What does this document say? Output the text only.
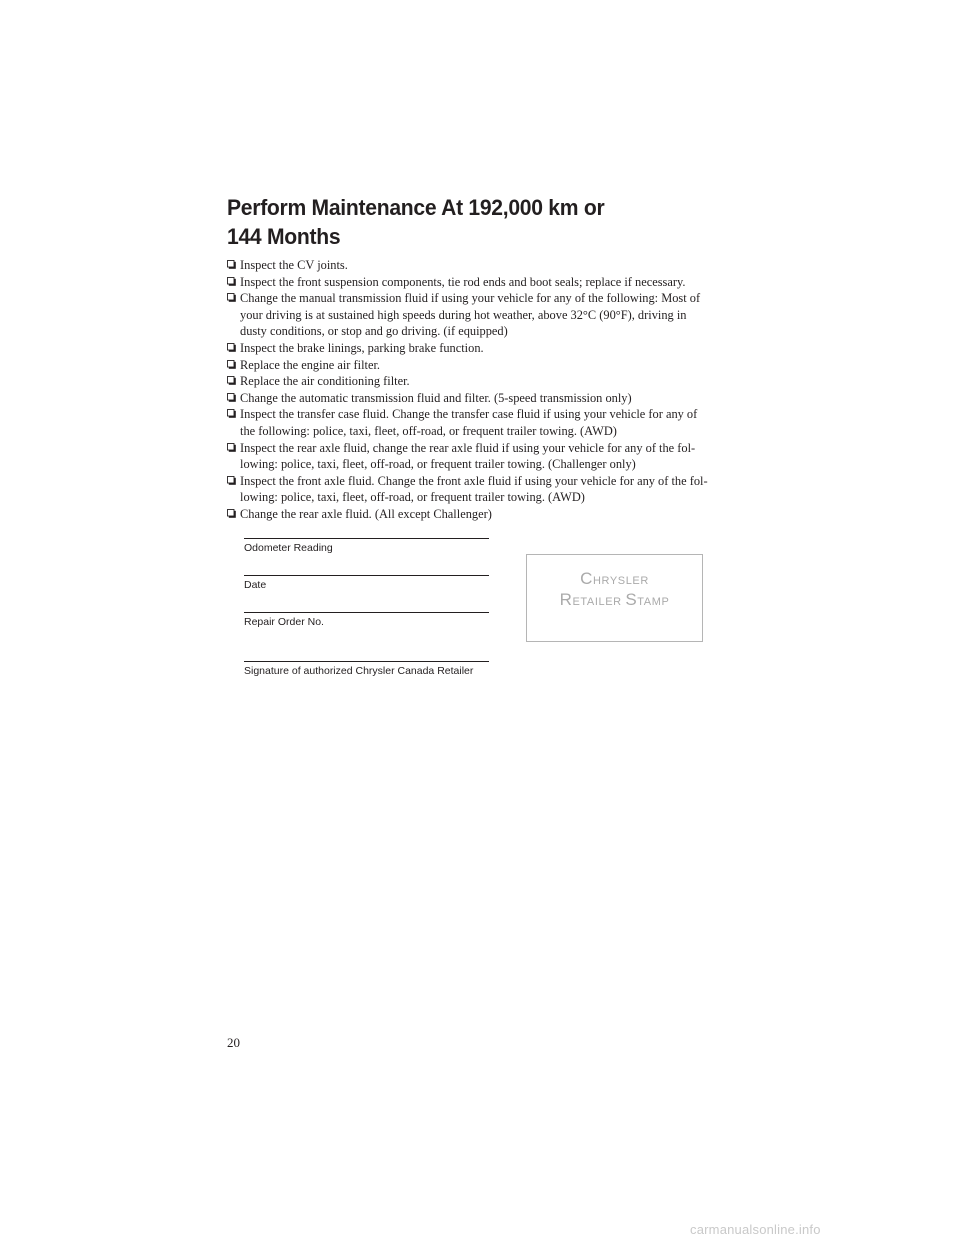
Perform Maintenance At 192,000 km or
144 Months
Inspect the CV joints.
Inspect the front suspension components, tie rod ends and boot seals; replace if necessary.
Change the manual transmission fluid if using your vehicle for any of the following: Most of
your driving is at sustained high speeds during hot weather, above 32°C (90°F), driving in
dusty conditions, or stop and go driving. (if equipped)
Inspect the brake linings, parking brake function.
Replace the engine air filter.
Replace the air conditioning filter.
Change the automatic transmission fluid and filter. (5-speed transmission only)
Inspect the transfer case fluid. Change the transfer case fluid if using your vehicle for any of
the following: police, taxi, fleet, off-road, or frequent trailer towing. (AWD)
Inspect the rear axle fluid, change the rear axle fluid if using your vehicle for any of the fol-
lowing: police, taxi, fleet, off-road, or frequent trailer towing. (Challenger only)
Inspect the front axle fluid. Change the front axle fluid if using your vehicle for any of the fol-
lowing: police, taxi, fleet, off-road, or frequent trailer towing. (AWD)
Change the rear axle fluid. (All except Challenger)
Odometer Reading
Date
Repair Order No.
Signature of authorized Chrysler Canada Retailer
CHRYSLER
RETAILER STAMP
20
carmanualsonline.info
